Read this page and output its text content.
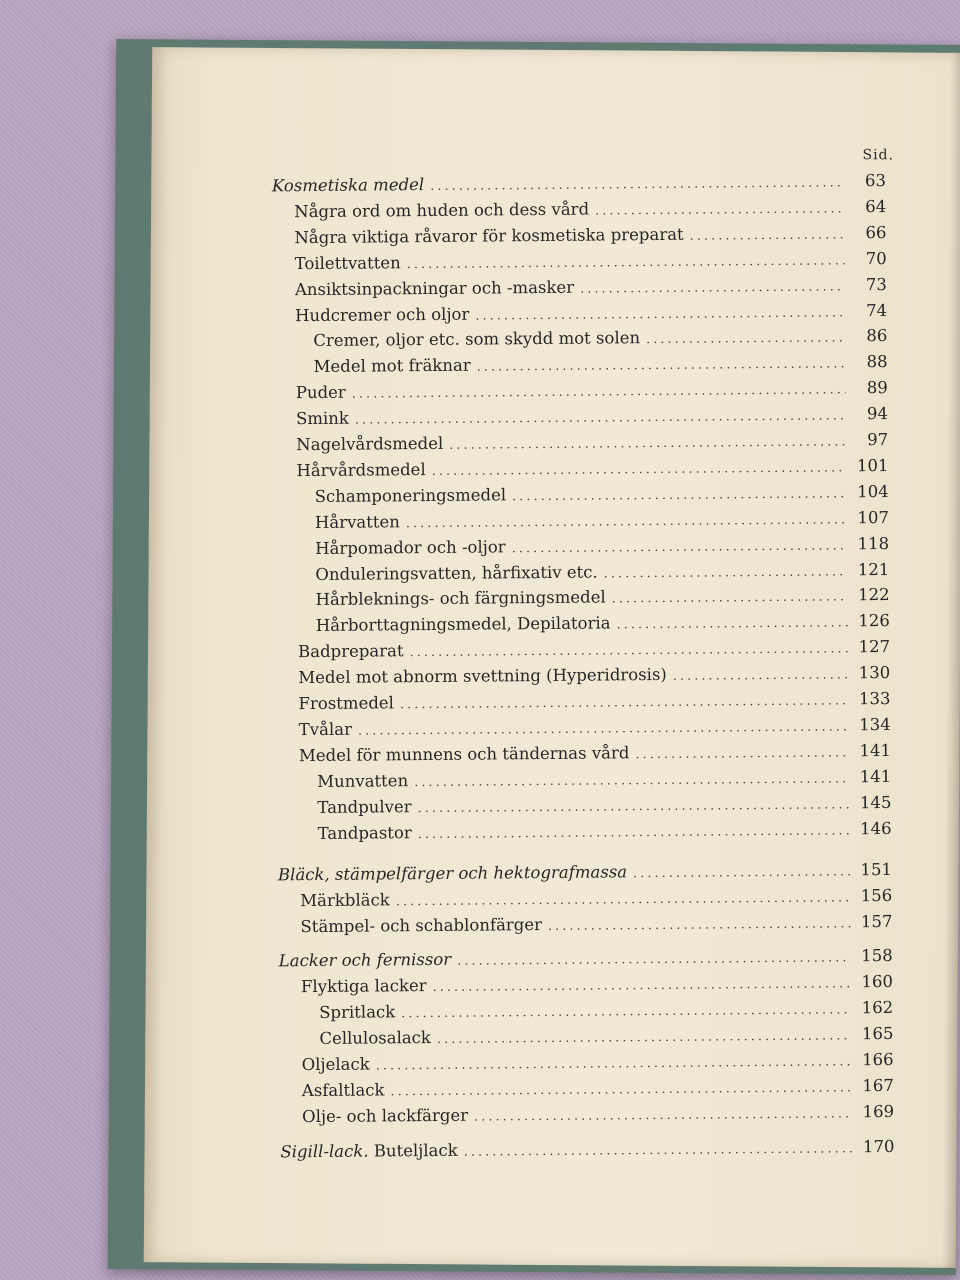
Sid.
Kosmetiska medel .....	63
Några ord om huden och dess vård .....	64
Några viktiga råvaror för kosmetiska preparat .....	66
Toilettvatten .....	70
Ansiktsinpackningar och -masker .....	73
Hudcremer och oljor .....	74
Cremer, oljor etc. som skydd mot solen .....	86
Medel mot fräknar .....	88
Puder .....	89
Smink .....	94
Nagelvårdsmedel .....	97
Hårvårdsmedel .....	101
Schamponeringsmedel .....	104
Hårvatten .....	107
Hårpomador och -oljor .....	118
Onduleringsvatten, hårfixativ etc. .....	121
Hårbleknings- och färgningsmedel .....	122
Hårborttagningsmedel, Depilatoria .....	126
Badpreparat .....	127
Medel mot abnorm svettning (Hyperidrosis) .....	130
Frostmedel .....	133
Tvålar .....	134
Medel för munnens och tändernas vård .....	141
Munvatten .....	141
Tandpulver .....	145
Tandpastor .....	146
Bläck, stämpelfärger och hektografmassa .....	151
Märkbläck .....	156
Stämpel- och schablonfärger .....	157
Lacker och fernissor .....	158
Flyktiga lacker .....	160
Spritlack .....	162
Cellulosalack .....	165
Oljelack .....	166
Asfaltlack .....	167
Olje- och lackfärger .....	169
Sigill-lack. Buteljlack .....	170
